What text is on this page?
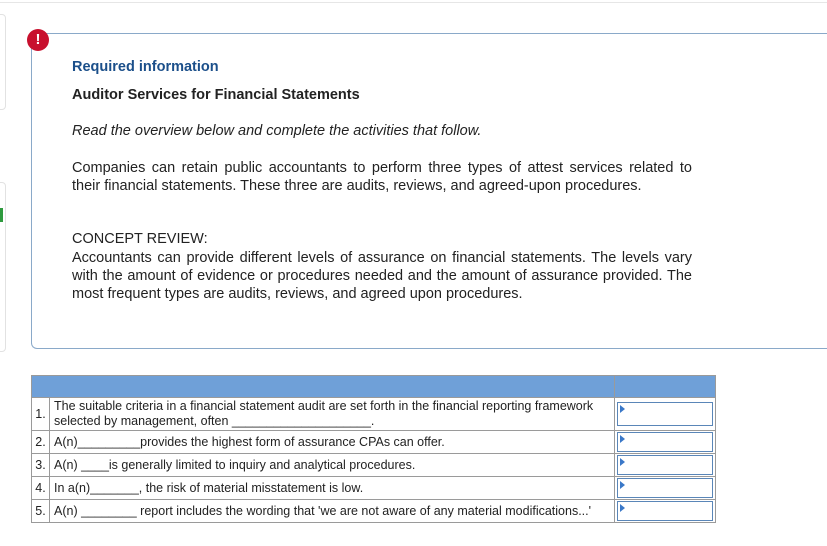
!
Required information
Auditor Services for Financial Statements
Read the overview below and complete the activities that follow.
Companies can retain public accountants to perform three types of attest services related to their financial statements. These three are audits, reviews, and agreed-upon procedures.
CONCEPT REVIEW:
Accountants can provide different levels of assurance on financial statements. The levels vary with the amount of evidence or procedures needed and the amount of assurance provided. The most frequent types are audits, reviews, and agreed upon procedures.

1.	The suitable criteria in a financial statement audit are set forth in the financial reporting framework selected by management, often ____________________.	

2.	A(n)_________provides the highest form of assurance CPAs can offer.	

3.	A(n) ____is generally limited to inquiry and analytical procedures.	

4.	In a(n)_______, the risk of material misstatement is low.	

5.	A(n) ________ report includes the wording that 'we are not aware of any material modifications...'	
